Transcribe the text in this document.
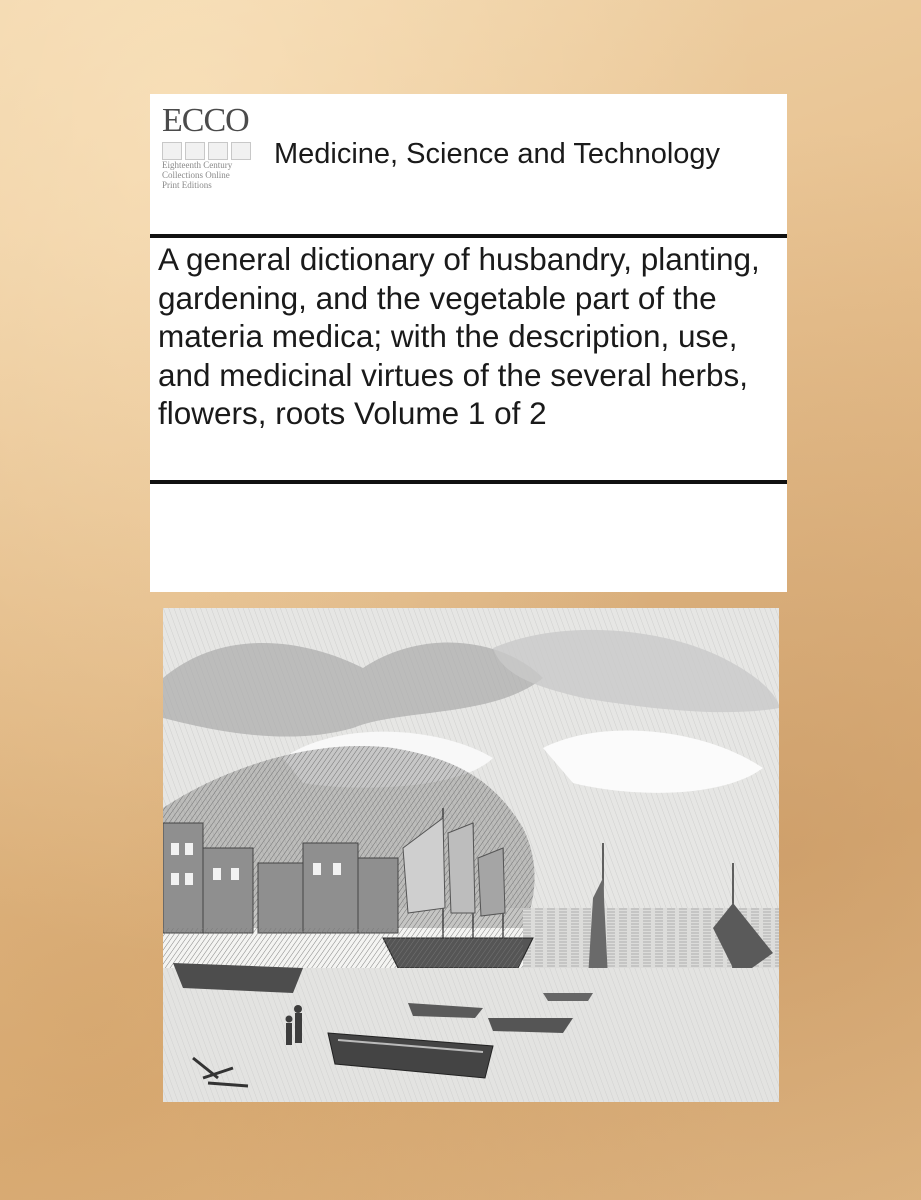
ECCO
Eighteenth Century
Collections Online
Print Editions
Medicine, Science and Technology
A general dictionary of husbandry, planting, gardening, and the vegetable part of the materia medica; with the description, use, and medicinal virtues of the several herbs, flowers, roots Volume 1 of 2
